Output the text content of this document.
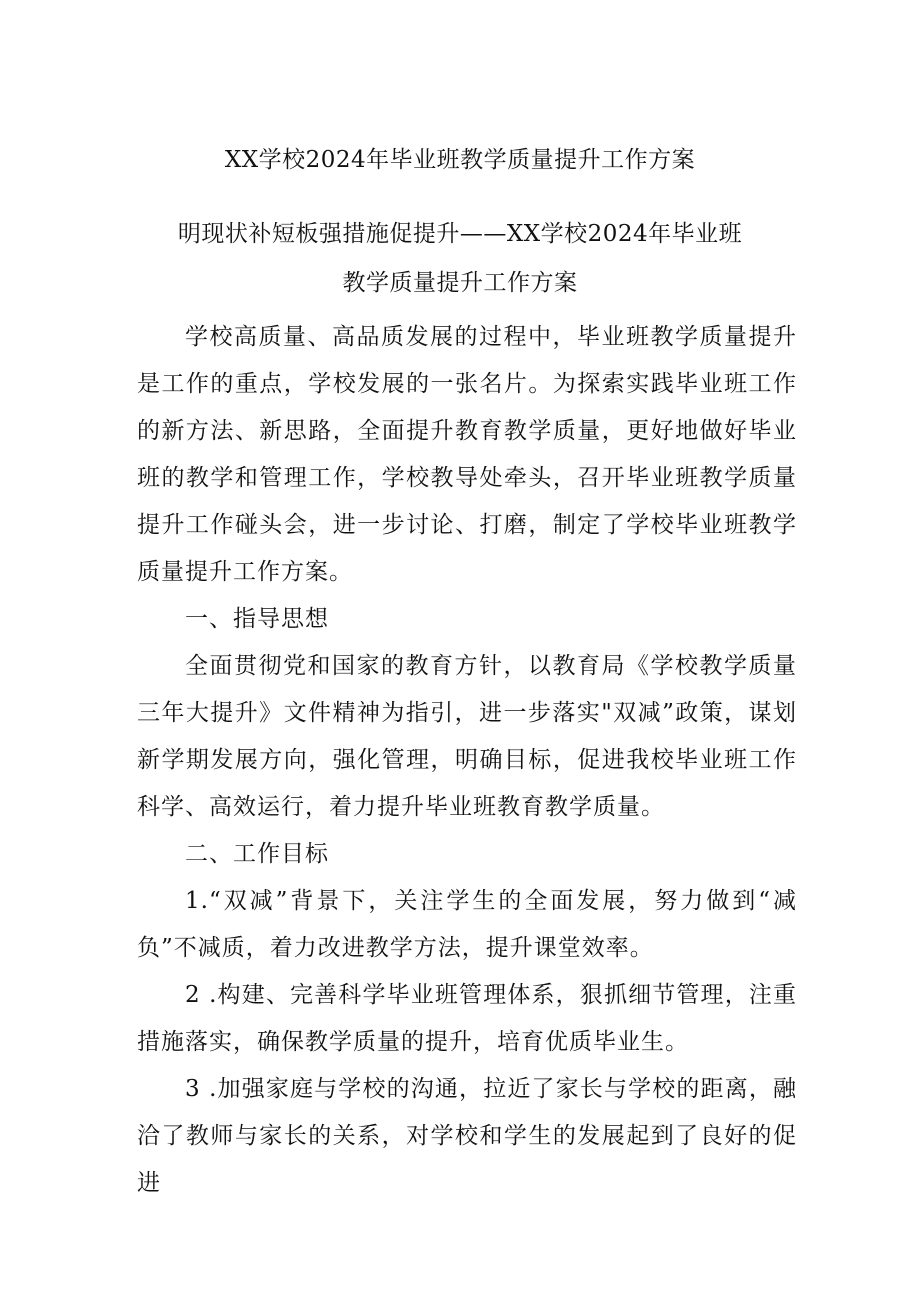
XX学校2024年毕业班教学质量提升工作方案
明现状补短板强措施促提升——XX学校2024年毕业班
教学质量提升工作方案

学校高质量、高品质发展的过程中，毕业班教学质量提升是工作的重点，学校发展的一张名片。为探索实践毕业班工作的新方法、新思路，全面提升教育教学质量，更好地做好毕业班的教学和管理工作，学校教导处牵头，召开毕业班教学质量提升工作碰头会，进一步讨论、打磨，制定了学校毕业班教学质量提升工作方案。

一、指导思想

全面贯彻党和国家的教育方针，以教育局《学校教学质量三年大提升》文件精神为指引，进一步落实"双减”政策，谋划新学期发展方向，强化管理，明确目标，促进我校毕业班工作科学、高效运行，着力提升毕业班教育教学质量。

二、工作目标

1.“双减”背景下，关注学生的全面发展，努力做到“减负”不减质，着力改进教学方法，提升课堂效率。

2 .构建、完善科学毕业班管理体系，狠抓细节管理，注重措施落实，确保教学质量的提升，培育优质毕业生。

3 .加强家庭与学校的沟通，拉近了家长与学校的距离，融洽了教师与家长的关系，对学校和学生的发展起到了良好的促进
